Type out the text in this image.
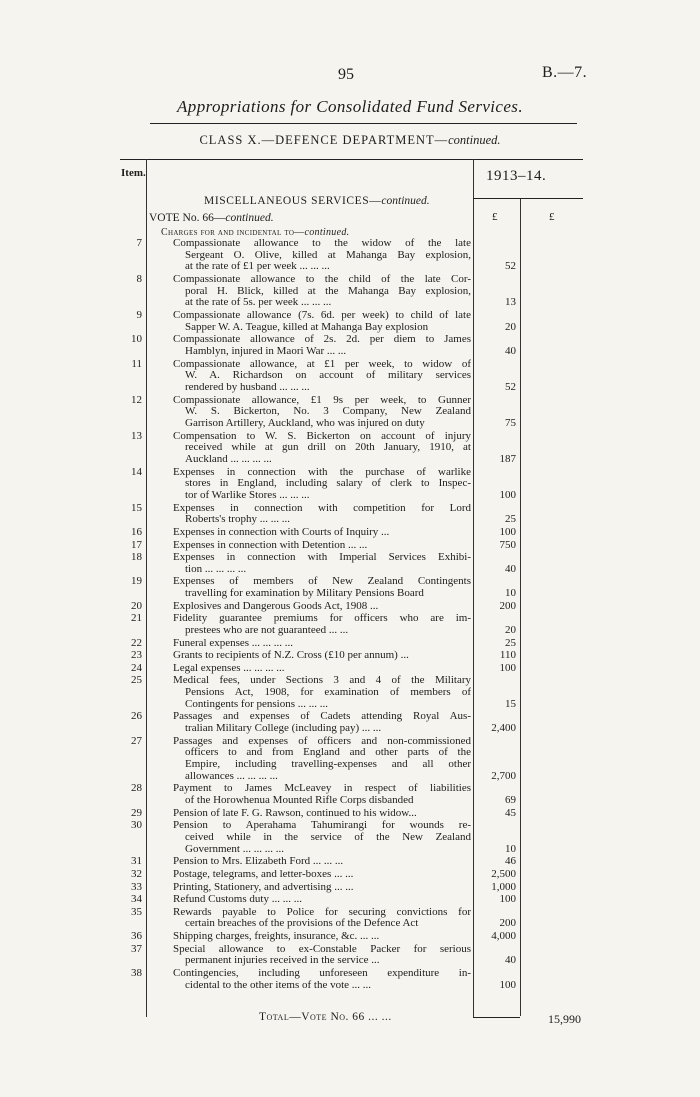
95	B.—7.
Appropriations for Consolidated Fund Services.
CLASS X.—DEFENCE DEPARTMENT—continued.
Item.	1913–14.
£	£
MISCELLANEOUS SERVICES—continued.
VOTE No. 66—continued.
Charges for and incidental to—continued.
7	Compassionate allowance to the widow of the late
Sergeant O. Olive, killed at Mahanga Bay explosion,
at the rate of £1 per week ... ... ...	52
8	Compassionate allowance to the child of the late Cor-
poral H. Blick, killed at the Mahanga Bay explosion,
at the rate of 5s. per week ... ... ...	13
9	Compassionate allowance (7s. 6d. per week) to child of late
Sapper W. A. Teague, killed at Mahanga Bay explosion	20
10	Compassionate allowance of 2s. 2d. per diem to James
Hamblyn, injured in Maori War ... ...	40
11	Compassionate allowance, at £1 per week, to widow of
W. A. Richardson on account of military services
rendered by husband ... ... ...	52
12	Compassionate allowance, £1 9s per week, to Gunner
W. S. Bickerton, No. 3 Company, New Zealand
Garrison Artillery, Auckland, who was injured on duty	75
13	Compensation to W. S. Bickerton on account of injury
received while at gun drill on 20th January, 1910, at
Auckland ... ... ... ...	187
14	Expenses in connection with the purchase of warlike
stores in England, including salary of clerk to Inspec-
tor of Warlike Stores ... ... ...	100
15	Expenses in connection with competition for Lord
Roberts's trophy ... ... ...	25
16	Expenses in connection with Courts of Inquiry ...	100
17	Expenses in connection with Detention ... ...	750
18	Expenses in connection with Imperial Services Exhibi-
tion ... ... ... ...	40
19	Expenses of members of New Zealand Contingents
travelling for examination by Military Pensions Board	10
20	Explosives and Dangerous Goods Act, 1908 ...	200
21	Fidelity guarantee premiums for officers who are im-
prestees who are not guaranteed ... ...	20
22	Funeral expenses ... ... ... ...	25
23	Grants to recipients of N.Z. Cross (£10 per annum) ...	110
24	Legal expenses ... ... ... ...	100
25	Medical fees, under Sections 3 and 4 of the Military
Pensions Act, 1908, for examination of members of
Contingents for pensions ... ... ...	15
26	Passages and expenses of Cadets attending Royal Aus-
tralian Military College (including pay) ... ...	2,400
27	Passages and expenses of officers and non-commissioned
officers to and from England and other parts of the
Empire, including travelling-expenses and all other
allowances ... ... ... ...	2,700
28	Payment to James McLeavey in respect of liabilities
of the Horowhenua Mounted Rifle Corps disbanded	69
29	Pension of late F. G. Rawson, continued to his widow...	45
30	Pension to Aperahama Tahumirangi for wounds re-
ceived while in the service of the New Zealand
Government ... ... ... ...	10
31	Pension to Mrs. Elizabeth Ford ... ... ...	46
32	Postage, telegrams, and letter-boxes ... ...	2,500
33	Printing, Stationery, and advertising ... ...	1,000
34	Refund Customs duty ... ... ...	100
35	Rewards payable to Police for securing convictions for
certain breaches of the provisions of the Defence Act	200
36	Shipping charges, freights, insurance, &c. ... ...	4,000
37	Special allowance to ex-Constable Packer for serious
permanent injuries received in the service ...	40
38	Contingencies, including unforeseen expenditure in-
cidental to the other items of the vote ... ...	100
Total—Vote No. 66 ... ...	15,990
